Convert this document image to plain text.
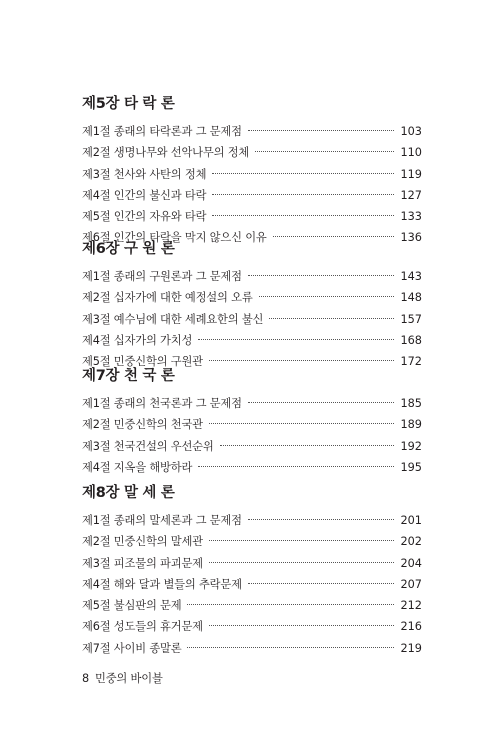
제5장 타 락 론
제1절 종래의 타락론과 그 문제점	103
제2절 생명나무와 선악나무의 정체	110
제3절 천사와 사탄의 정체	119
제4절 인간의 불신과 타락	127
제5절 인간의 자유와 타락	133
제6절 인간의 타락을 막지 않으신 이유	136
제6장 구 원 론
제1절 종래의 구원론과 그 문제점	143
제2절 십자가에 대한 예정설의 오류	148
제3절 예수님에 대한 세례요한의 불신	157
제4절 십자가의 가치성	168
제5절 민중신학의 구원관	172
제7장 천 국 론
제1절 종래의 천국론과 그 문제점	185
제2절 민중신학의 천국관	189
제3절 천국건설의 우선순위	192
제4절 지옥을 해방하라	195
제8장 말 세 론
제1절 종래의 말세론과 그 문제점	201
제2절 민중신학의 말세관	202
제3절 피조물의 파괴문제	204
제4절 해와 달과 별들의 추락문제	207
제5절 불심판의 문제	212
제6절 성도들의 휴거문제	216
제7절 사이비 종말론	219
8 민중의 바이블
